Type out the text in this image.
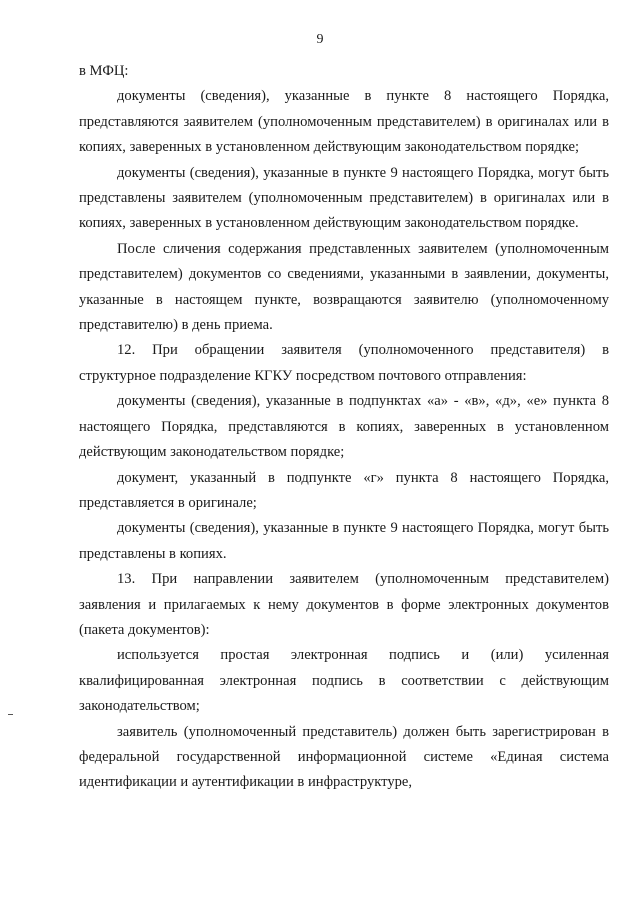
9

в МФЦ:

документы (сведения), указанные в пункте 8 настоящего Порядка, представляются заявителем (уполномоченным представителем) в оригиналах или в копиях, заверенных в установленном действующим законодательством порядке;

документы (сведения), указанные в пункте 9 настоящего Порядка, могут быть представлены заявителем (уполномоченным представителем) в оригиналах или в копиях, заверенных в установленном действующим законодательством порядке.

После сличения содержания представленных заявителем (уполномоченным представителем) документов со сведениями, указанными в заявлении, документы, указанные в настоящем пункте, возвращаются заявителю (уполномоченному представителю) в день приема.

12. При обращении заявителя (уполномоченного представителя) в структурное подразделение КГКУ посредством почтового отправления:

документы (сведения), указанные в подпунктах «а» - «в», «д», «е» пункта 8 настоящего Порядка, представляются в копиях, заверенных в установленном действующим законодательством порядке;

документ, указанный в подпункте «г» пункта 8 настоящего Порядка, представляется в оригинале;

документы (сведения), указанные в пункте 9 настоящего Порядка, могут быть представлены в копиях.

13. При направлении заявителем (уполномоченным представителем) заявления и прилагаемых к нему документов в форме электронных документов (пакета документов):

используется простая электронная подпись и (или) усиленная квалифицированная электронная подпись в соответствии с действующим законодательством;

заявитель (уполномоченный представитель) должен быть зарегистрирован в федеральной государственной информационной системе «Единая система идентификации и аутентификации в инфраструктуре,
